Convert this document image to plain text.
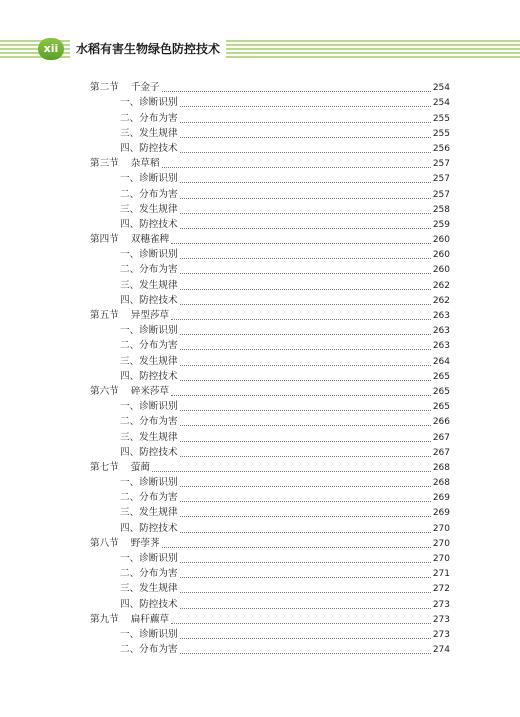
xii	水稻有害生物绿色防控技术
第二节 千金子	254
一、诊断识别	254
二、分布为害	255
三、发生规律	255
四、防控技术	256
第三节 杂草稻	257
一、诊断识别	257
二、分布为害	257
三、发生规律	258
四、防控技术	259
第四节 双穗雀稗	260
一、诊断识别	260
二、分布为害	260
三、发生规律	262
四、防控技术	262
第五节 异型莎草	263
一、诊断识别	263
二、分布为害	263
三、发生规律	264
四、防控技术	265
第六节 碎米莎草	265
一、诊断识别	265
二、分布为害	266
三、发生规律	267
四、防控技术	267
第七节 萤蔺	268
一、诊断识别	268
二、分布为害	269
三、发生规律	269
四、防控技术	270
第八节 野荸荠	270
一、诊断识别	270
二、分布为害	271
三、发生规律	272
四、防控技术	273
第九节 扁秆藨草	273
一、诊断识别	273
二、分布为害	274
